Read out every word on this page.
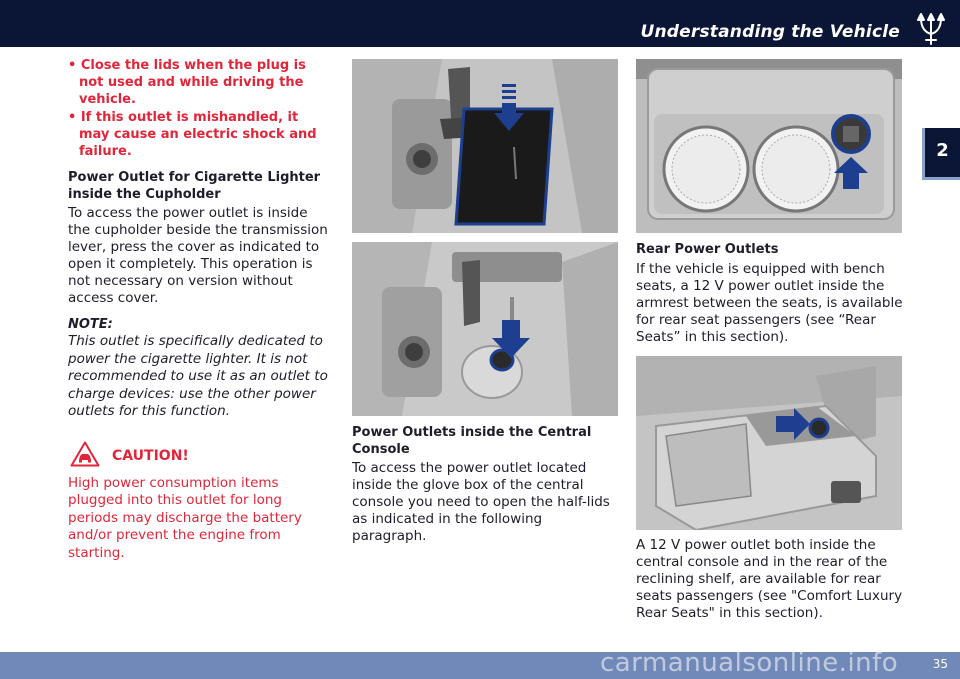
Understanding the Vehicle
2
• Close the lids when the plug is not used and while driving the vehicle.
• If this outlet is mishandled, it may cause an electric shock and failure.
Power Outlet for Cigarette Lighter inside the Cupholder

To access the power outlet is inside the cupholder beside the transmission lever, press the cover as indicated to open it completely. This operation is not necessary on version without access cover.

NOTE:

This outlet is specifically dedicated to power the cigarette lighter. It is not recommended to use it as an outlet to charge devices: use the other power outlets for this function.

CAUTION!

High power consumption items plugged into this outlet for long periods may discharge the battery and/or prevent the engine from starting.

Power Outlets inside the Central Console

To access the power outlet located inside the glove box of the central console you need to open the half-lids as indicated in the following paragraph.

Rear Power Outlets

If the vehicle is equipped with bench seats, a 12 V power outlet inside the armrest between the seats, is available for rear seat passengers (see “Rear Seats” in this section).

A 12 V power outlet both inside the central console and in the rear of the reclining shelf, are available for rear seats passengers (see "Comfort Luxury Rear Seats" in this section).

carmanualsonline.info	35
